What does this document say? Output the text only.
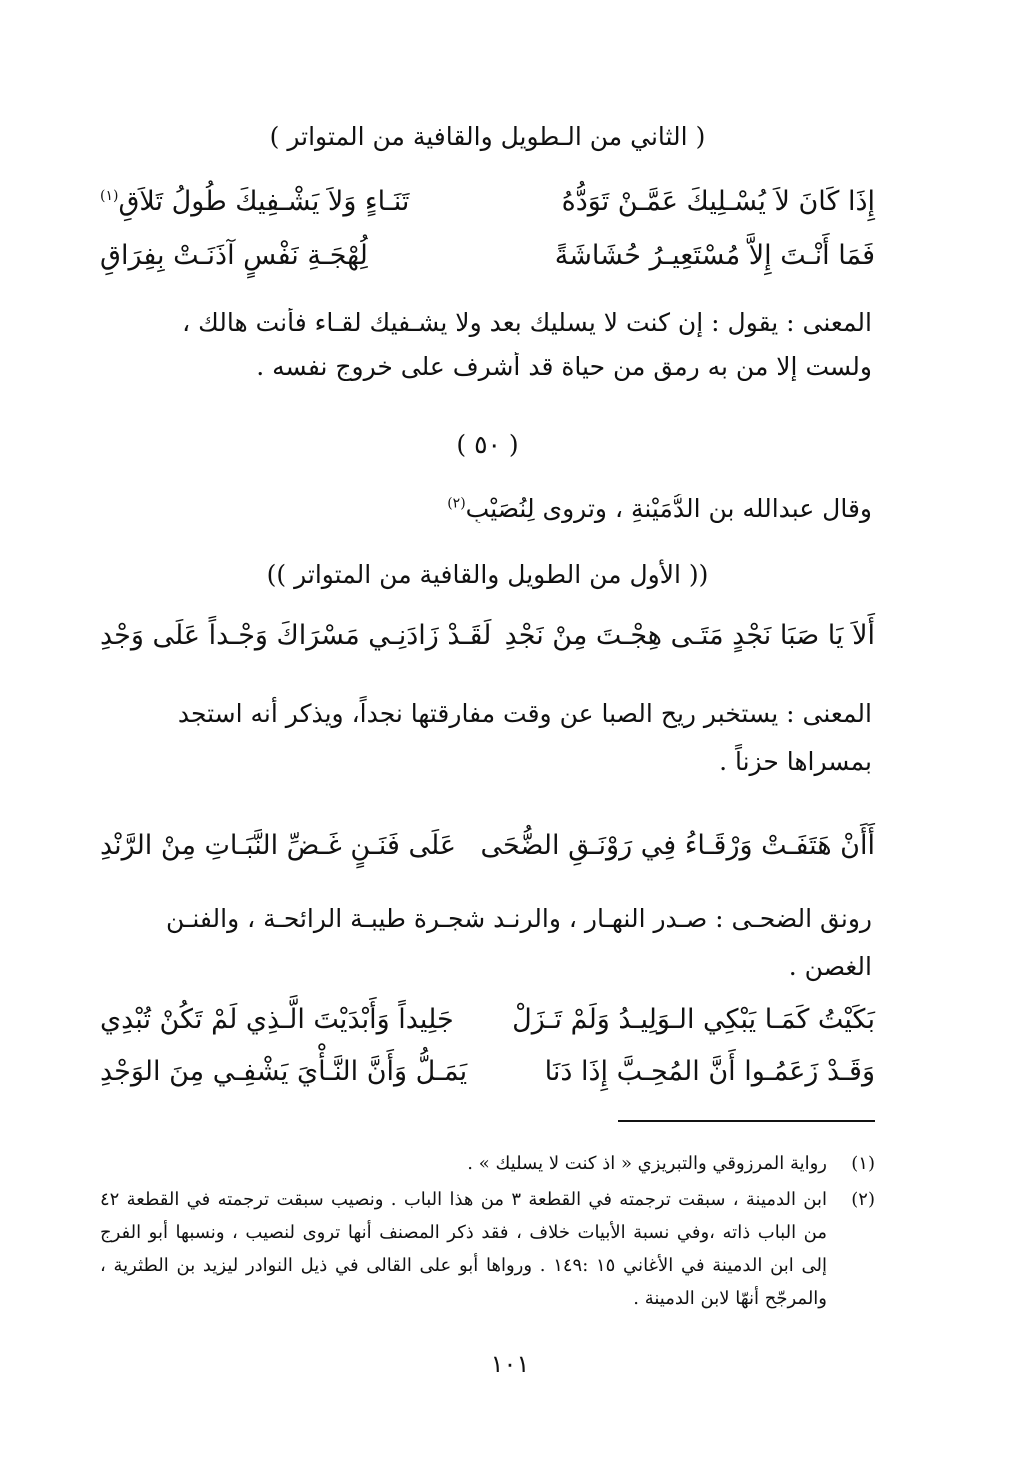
( الثاني من الـطويل والقافية من المتواتر )
إِذَا كَانَ لاَ يُسْـلِيكَ عَمَّـنْ تَوَدُّهُ
تَنَـاءٍ وَلاَ يَشْـفِيكَ طُولُ تَلاَقِ$^{(١)}$
فَمَا أَنْـتَ إِلاَّ مُسْتَعِيـرُ حُشَاشَةً
لُِهْجَـةِ نَفْسٍ آذَنَـتْ بِفِرَاقِ
المعنى : يقول : إن كنت لا يسليك بعد ولا يشـفيك لقـاء فأنت هالك ،
ولست إلا من به رمق من حياة قد أشرف على خروج نفسه .
( ٥٠ )
وقال عبدالله بن الدُّمَيْنةِ ، وتروى لِنُصَيْبٍ$^{(٢)}$
(( الأول من الطويل والقافية من المتواتر ))
أَلاَ يَا صَبَا نَجْدٍ مَتَـى هِجْـتَ مِنْ نَجْدِ
لَقَـدْ زَادَنِـي مَسْرَاكَ وَجْـداً عَلَى وَجْدِ
المعنى : يستخبر ريح الصبا عن وقت مفارقتها نجداً، ويذكر أنه استجد بمسراها حزناً .
أَأَنْ هَتَفَـتْ وَرْقَـاءُ فِي رَوْنَـقِ الضُّحَى
عَلَى فَنَـنٍ غَـضِّ النَّبَـاتِ مِنْ الرَّنْدِ
رونق الضحـى : صـدر النهـار ، والرنـد شجـرة طيبـة الرائحـة ، والفنـن الغصن .
بَكَيْتُ كَمَـا يَبْكِي الـوَلِيـدُ وَلَمْ تَـزَلْ
جَلِيداً وَأَبْدَيْتَ الَّـذِي لَمْ تَكُنْ تُبْدِي
وَقَـدْ زَعَمُـوا أَنَّ المُحِـبَّ إِذَا دَنَا
يَمَـلُّ وَأَنَّ النَّـأْيَ يَشْفِـي مِنَ الوَجْدِ
(١)
رواية المرزوقي والتبريزي « اذ كنت لا يسليك » .
(٢)
ابن الدمينة ، سبقت ترجمته في القطعة ٣ من هذا الباب . ونصيب سبقت ترجمته في القطعة ٤٢ من الباب ذاته ،وفي نسبة الأبيات خلاف ، فقد ذكر المصنف أنها تروى لنصيب ، ونسبها أبو الفرج إلى ابن الدمينة في الأغاني ١٥ :١٤٩ . ورواها أبو على القالى في ذيل النوادر ليزيد بن الطثرية ، والمرجّح أنهّا لابن الدمينة .
١٠١
